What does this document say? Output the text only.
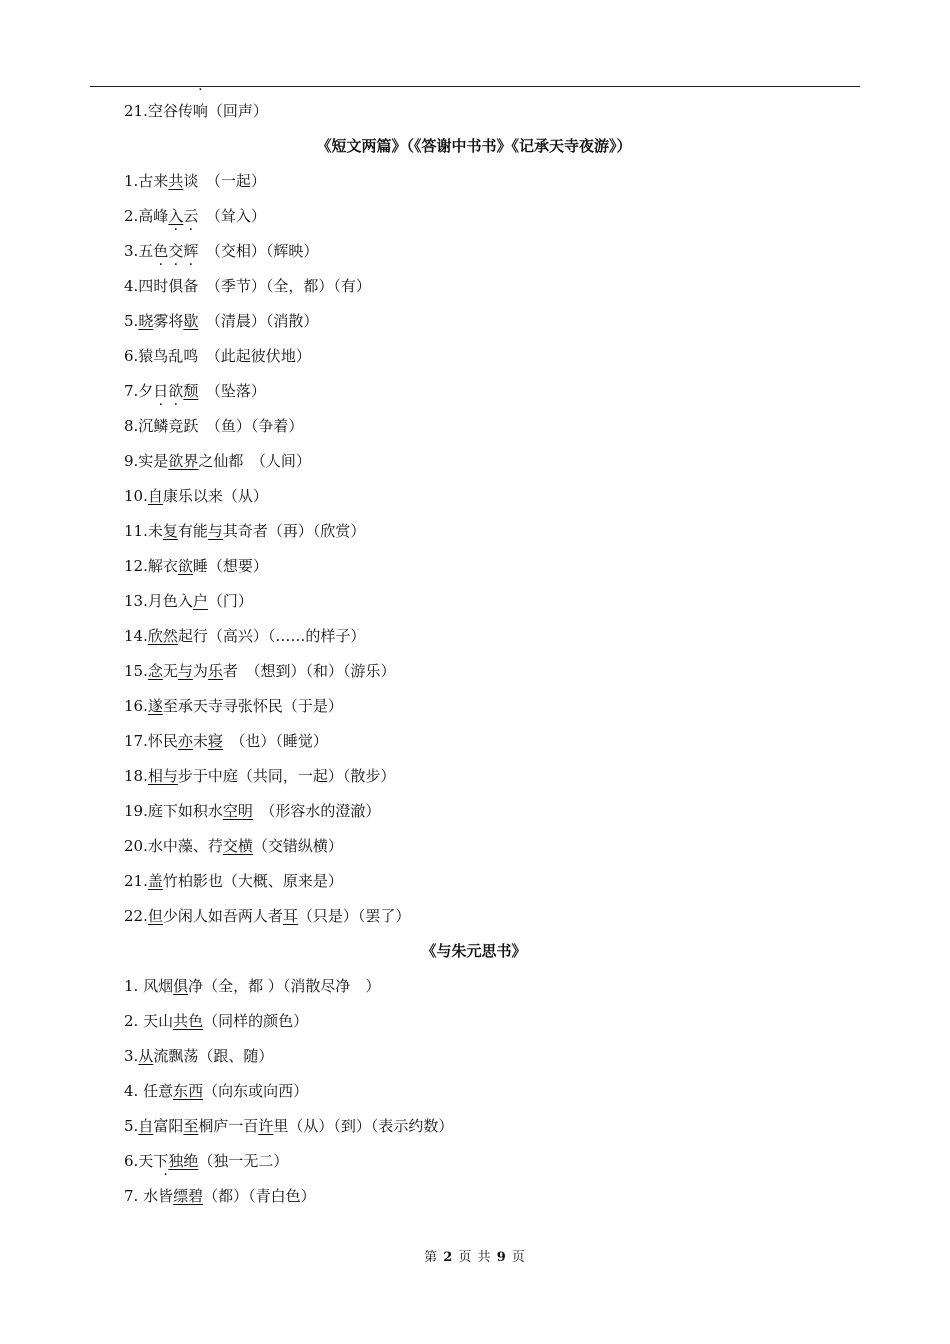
21.空谷传响（回声）
《短文两篇》（《答谢中书书》《记承天寺夜游》）
1.古来共谈　（一起）
2.高峰入云　（耸入）
3.五色交辉　（交相）（辉映）
4.四时俱备　（季节）（全，都）（有）
5.晓雾将歇　（清晨）（消散）
6.猿鸟乱鸣　（此起彼伏地）
7.夕日欲颓　（坠落）
8.沉鳞竞跃　（鱼）（争着）
9.实是欲界之仙都　（人间）
10.自康乐以来（从）
11.未复有能与其奇者（再）（欣赏）
12.解衣欲睡（想要）
13.月色入户（门）
14.欣然起行（高兴）（……的样子）
15.念无与为乐者　（想到）（和）（游乐）
16.遂至承天寺寻张怀民（于是）
17.怀民亦未寝　（也）（睡觉）
18.相与步于中庭（共同，一起）（散步）
19.庭下如积水空明　（形容水的澄澈）
20.水中藻、荇交横（交错纵横）
21.盖竹柏影也（大概、原来是）
22.但少闲人如吾两人者耳（只是）（罢了）
《与朱元思书》
1. 风烟俱净（全，都 ）（消散尽净　）
2. 天山共色（同样的颜色）
3.从流飘荡（跟、随）
4. 任意东西（向东或向西）
5.自富阳至桐庐一百许里（从）（到）（表示约数）
6.天下独绝（独一无二）
7. 水皆缥碧（都）（青白色）
第 2 页 共 9 页
